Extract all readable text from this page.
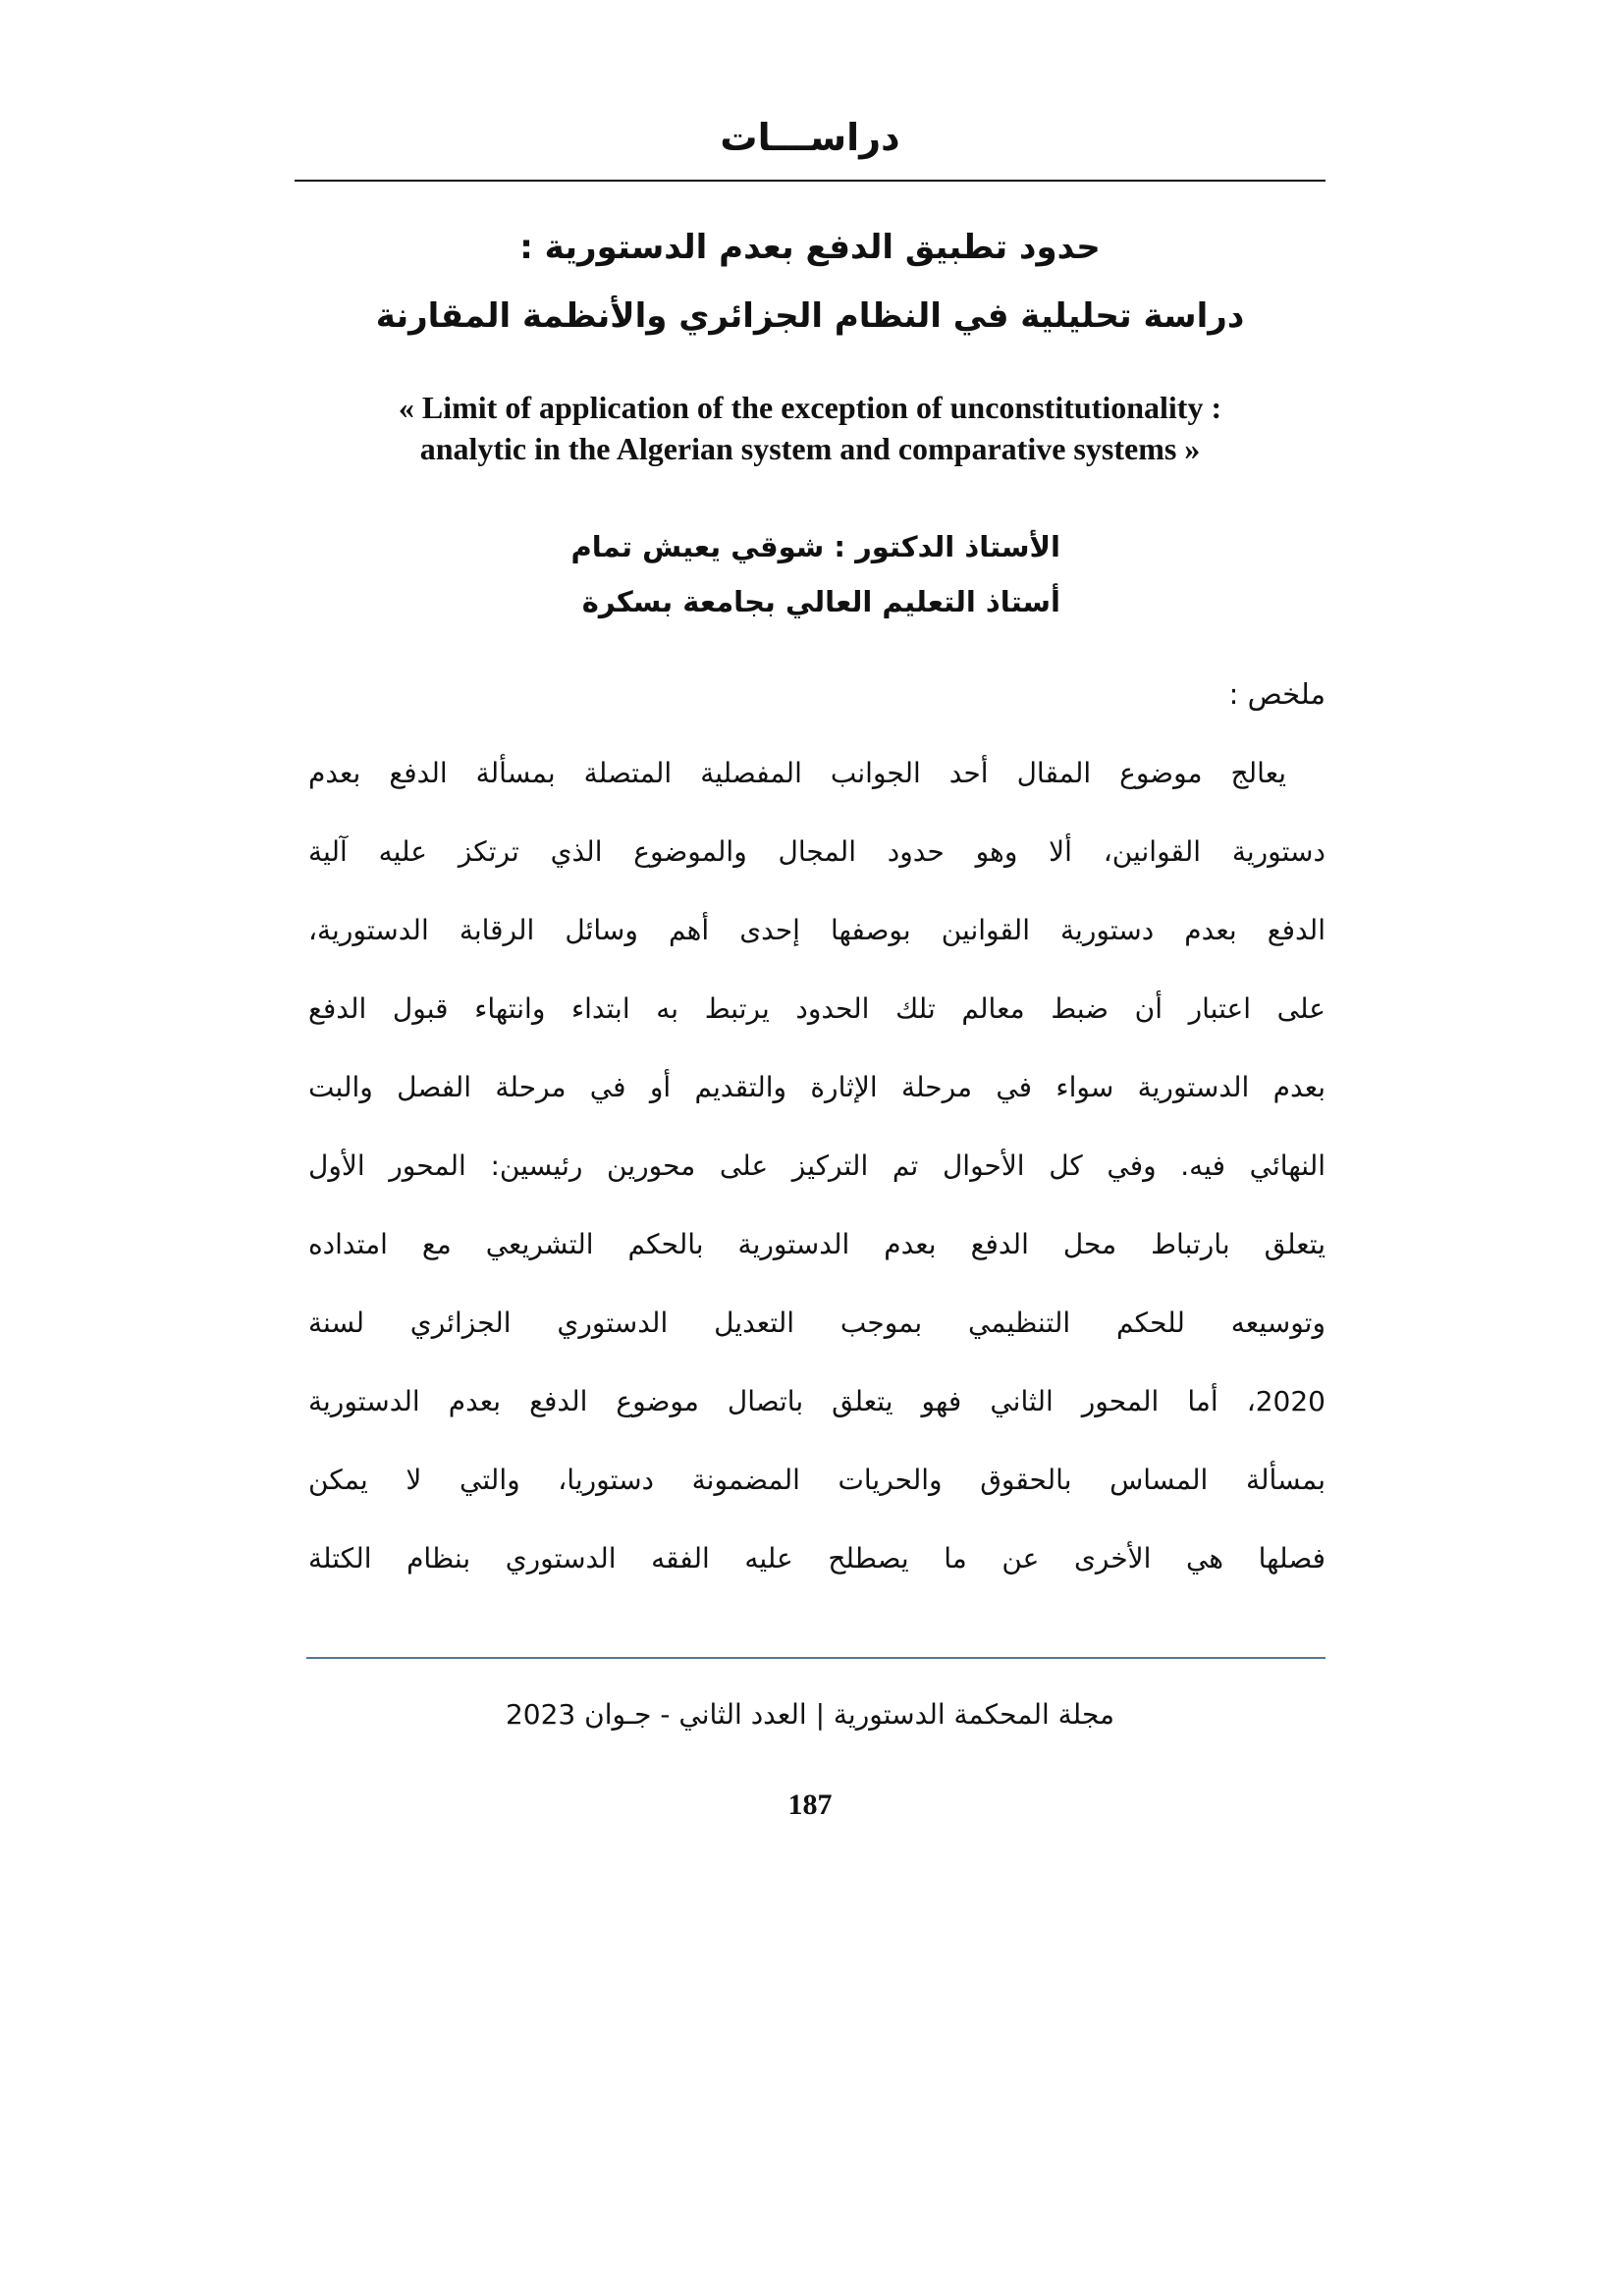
دراســـات
حدود تطبيق الدفع بعدم الدستورية :
دراسة تحليلية في النظام الجزائري والأنظمة المقارنة
« Limit of application of the exception of unconstitutionality :
analytic in the Algerian system and comparative systems »
الأستاذ الدكتور : شوقي يعيش تمام
أستاذ التعليم العالي بجامعة بسكرة
ملخص :
يعالج موضوع المقال أحد الجوانب المفصلية المتصلة بمسألة الدفع بعدم
دستورية القوانين، ألا وهو حدود المجال والموضوع الذي ترتكز عليه آلية
الدفع بعدم دستورية القوانين بوصفها إحدى أهم وسائل الرقابة الدستورية،
على اعتبار أن ضبط معالم تلك الحدود يرتبط به ابتداء وانتهاء قبول الدفع
بعدم الدستورية سواء في مرحلة الإثارة والتقديم أو في مرحلة الفصل والبت
النهائي فيه. وفي كل الأحوال تم التركيز على محورين رئيسين: المحور الأول
يتعلق بارتباط محل الدفع بعدم الدستورية بالحكم التشريعي مع امتداده
وتوسيعه للحكم التنظيمي بموجب التعديل الدستوري الجزائري لسنة
2020، أما المحور الثاني فهو يتعلق باتصال موضوع الدفع بعدم الدستورية
بمسألة المساس بالحقوق والحريات المضمونة دستوريا، والتي لا يمكن
فصلها هي الأخرى عن ما يصطلح عليه الفقه الدستوري بنظام الكتلة
مجلة المحكمة الدستورية | العدد الثاني - جـوان 2023
187
